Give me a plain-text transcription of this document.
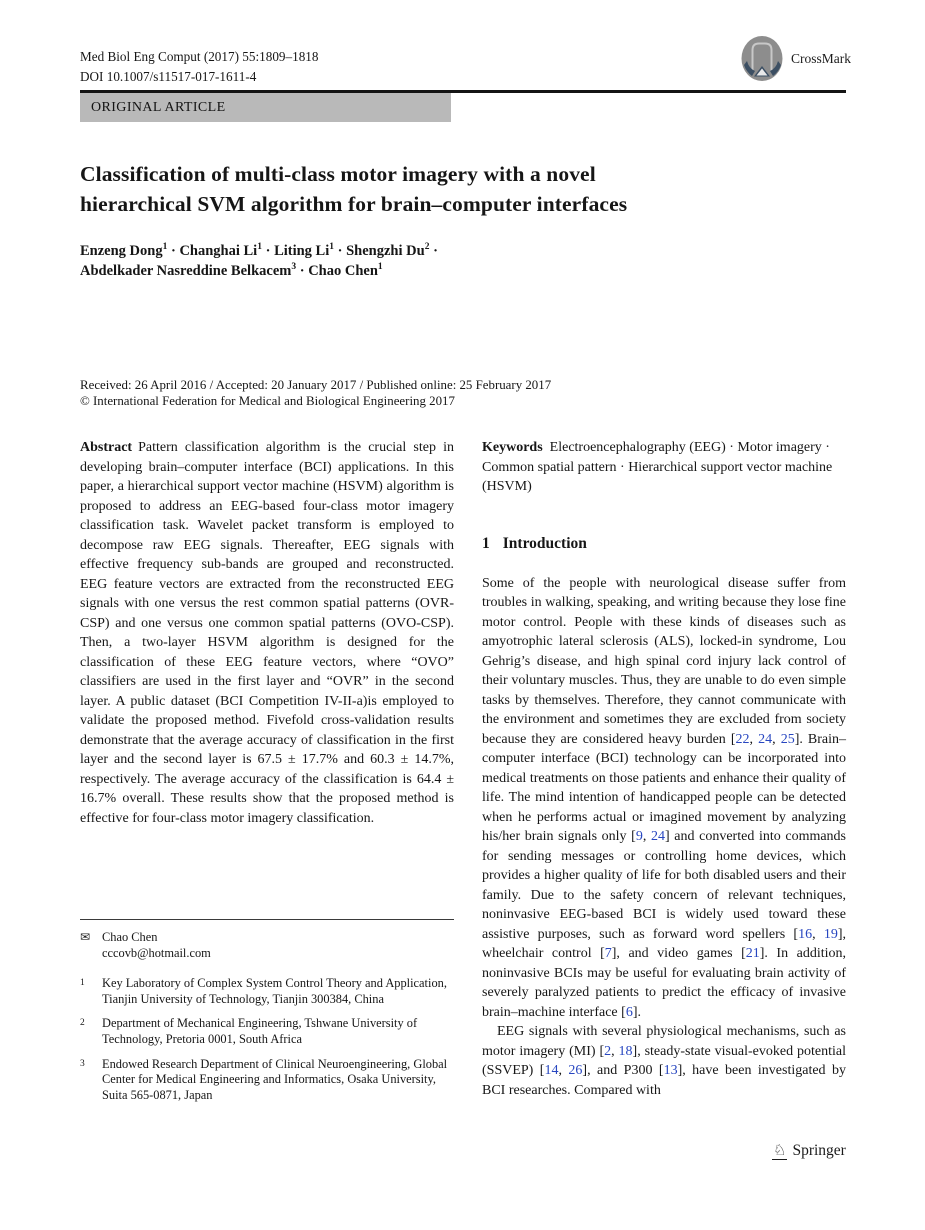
Med Biol Eng Comput (2017) 55:1809–1818
DOI 10.1007/s11517-017-1611-4
CrossMark
ORIGINAL ARTICLE
Classification of multi-class motor imagery with a novel
hierarchical SVM algorithm for brain–computer interfaces
Enzeng Dong$^1$ · Changhai $Li^1$ · Liting $Li^1$ · Shengzhi $Du^2$ ·
Abdelkader Nasreddine Belkacem$^3$ · Chao Chen$^1$
Received: 26 April 2016 / Accepted: 20 January 2017 / Published online: 25 February 2017
© International Federation for Medical and Biological Engineering 2017

Abstract Pattern classification algorithm is the crucial step in developing brain–computer interface (BCI) applications. In this paper, a hierarchical support vector machine (HSVM) algorithm is proposed to address an EEG-based four-class motor imagery classification task. Wavelet packet transform is employed to decompose raw EEG signals. Thereafter, EEG signals with effective frequency sub-bands are grouped and reconstructed. EEG feature vectors are extracted from the reconstructed EEG signals with one versus the rest common spatial patterns (OVR-CSP) and one versus one common spatial patterns (OVO-CSP). Then, a two-layer HSVM algorithm is designed for the classification of these EEG feature vectors, where “OVO” classifiers are used in the first layer and “OVR” in the second layer. A public dataset (BCI Competition IV-II-a)is employed to validate the proposed method. Fivefold cross-validation results demonstrate that the average accuracy of classification in the first layer and the second layer is 67.5 ± 17.7% and 60.3 ± 14.7%, respectively. The average accuracy of the classification is 64.4 ± 16.7% overall. These results show that the proposed method is effective for four-class motor imagery classification.

Keywords Electroencephalography (EEG) · Motor imagery · Common spatial pattern · Hierarchical support vector machine (HSVM)

1 Introduction

Some of the people with neurological disease suffer from troubles in walking, speaking, and writing because they lose fine motor control. People with these kinds of diseases such as amyotrophic lateral sclerosis (ALS), locked-in syndrome, Lou Gehrig’s disease, and high spinal cord injury lack control of their voluntary muscles. Thus, they are unable to do even simple tasks by themselves. Therefore, they cannot communicate with the environment and sometimes they are excluded from society because they are considered heavy burden [22, 24, 25]. Brain–computer interface (BCI) technology can be incorporated into medical treatments on those patients and enhance their quality of life. The mind intention of handicapped people can be detected when he performs actual or imagined movement by analyzing his/her brain signals only [9, 24] and converted into commands for sending messages or controlling home devices, which provides a higher quality of life for both disabled users and their family. Due to the safety concern of relevant techniques, noninvasive EEG-based BCI is widely used toward these assistive purposes, such as forward word spellers [16, 19], wheelchair control [7], and video games [21]. In addition, noninvasive BCIs may be useful for evaluating brain activity of severely paralyzed patients to predict the efficacy of invasive brain–machine interface [6].

EEG signals with several physiological mechanisms, such as motor imagery (MI) [2, 18], steady-state visual-evoked potential (SSVEP) [14, 26], and P300 [13], have been investigated by BCI researches. Compared with

✉ Chao Chen
cccovb@hotmail.com
1	Key Laboratory of Complex System Control Theory and Application, Tianjin University of Technology, Tianjin 300384, China
2	Department of Mechanical Engineering, Tshwane University of Technology, Pretoria 0001, South Africa
3	Endowed Research Department of Clinical Neuroengineering, Global Center for Medical Engineering and Informatics, Osaka University, Suita 565-0871, Japan
♘ Springer
